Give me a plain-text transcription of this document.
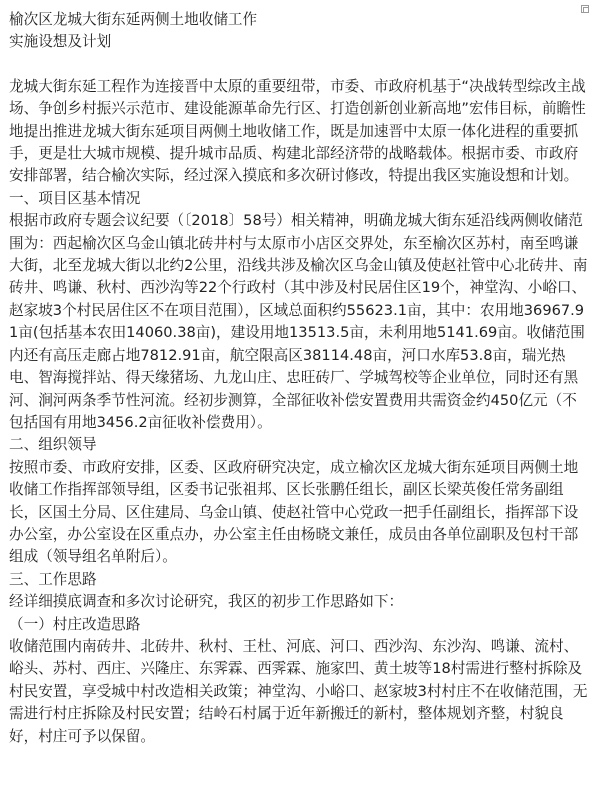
榆次区龙城大街东延两侧土地收储工作

实施设想及计划

龙城大街东延工程作为连接晋中太原的重要纽带，市委、市政府机基于“决战转型综改主战场、争创乡村振兴示范市、建设能源革命先行区、打造创新创业新高地”宏伟目标，前瞻性地提出推进龙城大街东延项目两侧土地收储工作，既是加速晋中太原一体化进程的重要抓手，更是壮大城市规模、提升城市品质、构建北部经济带的战略载体。根据市委、市政府安排部署，结合榆次实际，经过深入摸底和多次研讨修改，特提出我区实施设想和计划。

一、项目区基本情况

根据市政府专题会议纪要（〔2018〕58号）相关精神，明确龙城大街东延沿线两侧收储范围为：西起榆次区乌金山镇北砖井村与太原市小店区交界处，东至榆次区苏村，南至鸣谦大街，北至龙城大街以北约2公里，沿线共涉及榆次区乌金山镇及使赵社管中心北砖井、南砖井、鸣谦、秋村、西沙沟等22个行政村（其中涉及村民居住区19个，神堂沟、小峪口、赵家坡3个村民居住区不在项目范围），区域总面积约55623.1亩，其中：农用地36967.91亩(包括基本农田14060.38亩)，建设用地13513.5亩，未利用地5141.69亩。收储范围内还有高压走廊占地7812.91亩，航空限高区38114.48亩，河口水库53.8亩，瑞光热电、智海搅拌站、得天缘猪场、九龙山庄、忠旺砖厂、学城驾校等企业单位，同时还有黑河、涧河两条季节性河流。经初步测算，全部征收补偿安置费用共需资金约450亿元（不包括国有用地3456.2亩征收补偿费用）。

二、组织领导

按照市委、市政府安排，区委、区政府研究决定，成立榆次区龙城大街东延项目两侧土地收储工作指挥部领导组，区委书记张祖邦、区长张鹏任组长，副区长梁英俊任常务副组长，区国土分局、区住建局、乌金山镇、使赵社管中心党政一把手任副组长，指挥部下设办公室，办公室设在区重点办，办公室主任由杨晓文兼任，成员由各单位副职及包村干部组成（领导组名单附后）。

三、工作思路

经详细摸底调查和多次讨论研究，我区的初步工作思路如下：

（一）村庄改造思路

收储范围内南砖井、北砖井、秋村、王杜、河底、河口、西沙沟、东沙沟、鸣谦、流村、峪头、苏村、西庄、兴隆庄、东霁霖、西霁霖、施家凹、黄土坡等18村需进行整村拆除及村民安置，享受城中村改造相关政策；神堂沟、小峪口、赵家坡3村村庄不在收储范围，无需进行村庄拆除及村民安置；结岭石村属于近年新搬迁的新村，整体规划齐整，村貌良好，村庄可予以保留。
